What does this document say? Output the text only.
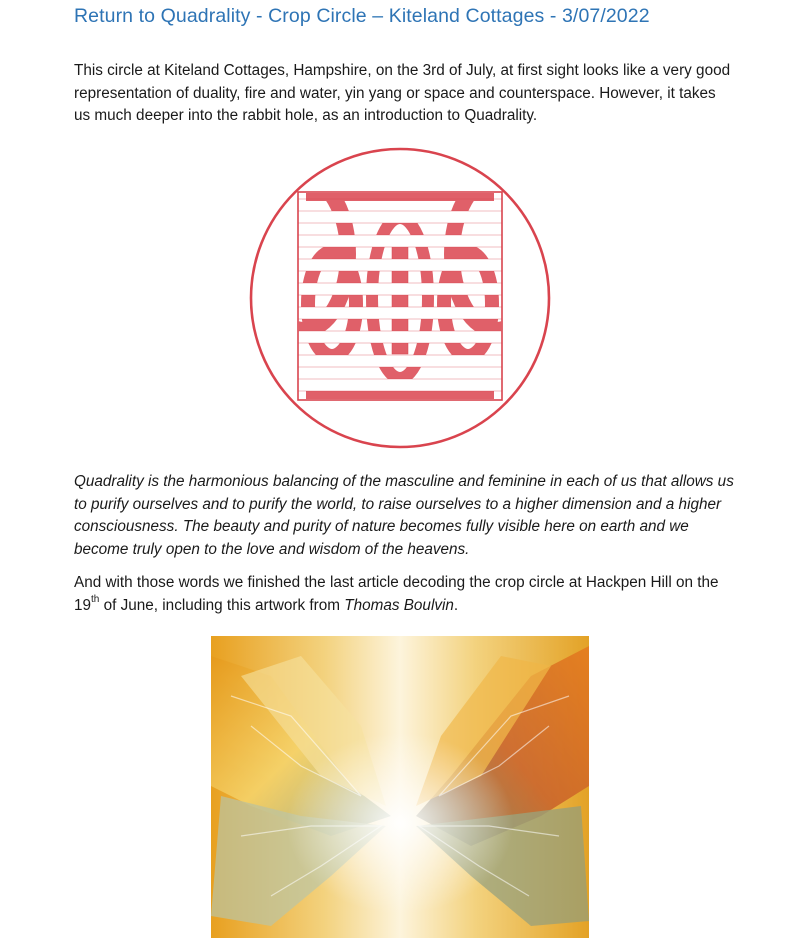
Return to Quadrality - Crop Circle – Kiteland Cottages - 3/07/2022

This circle at Kiteland Cottages, Hampshire, on the 3rd of July, at first sight looks like a very good representation of duality, fire and water, yin yang or space and counterspace. However, it takes us much deeper into the rabbit hole, as an introduction to Quadrality.

Quadrality is the harmonious balancing of the masculine and feminine in each of us that allows us to purify ourselves and to purify the world, to raise ourselves to a higher dimension and a higher consciousness. The beauty and purity of nature becomes fully visible here on earth and we become truly open to the love and wisdom of the heavens.

And with those words we finished the last article decoding the crop circle at Hackpen Hill on the 19th of June, including this artwork from Thomas Boulvin.
